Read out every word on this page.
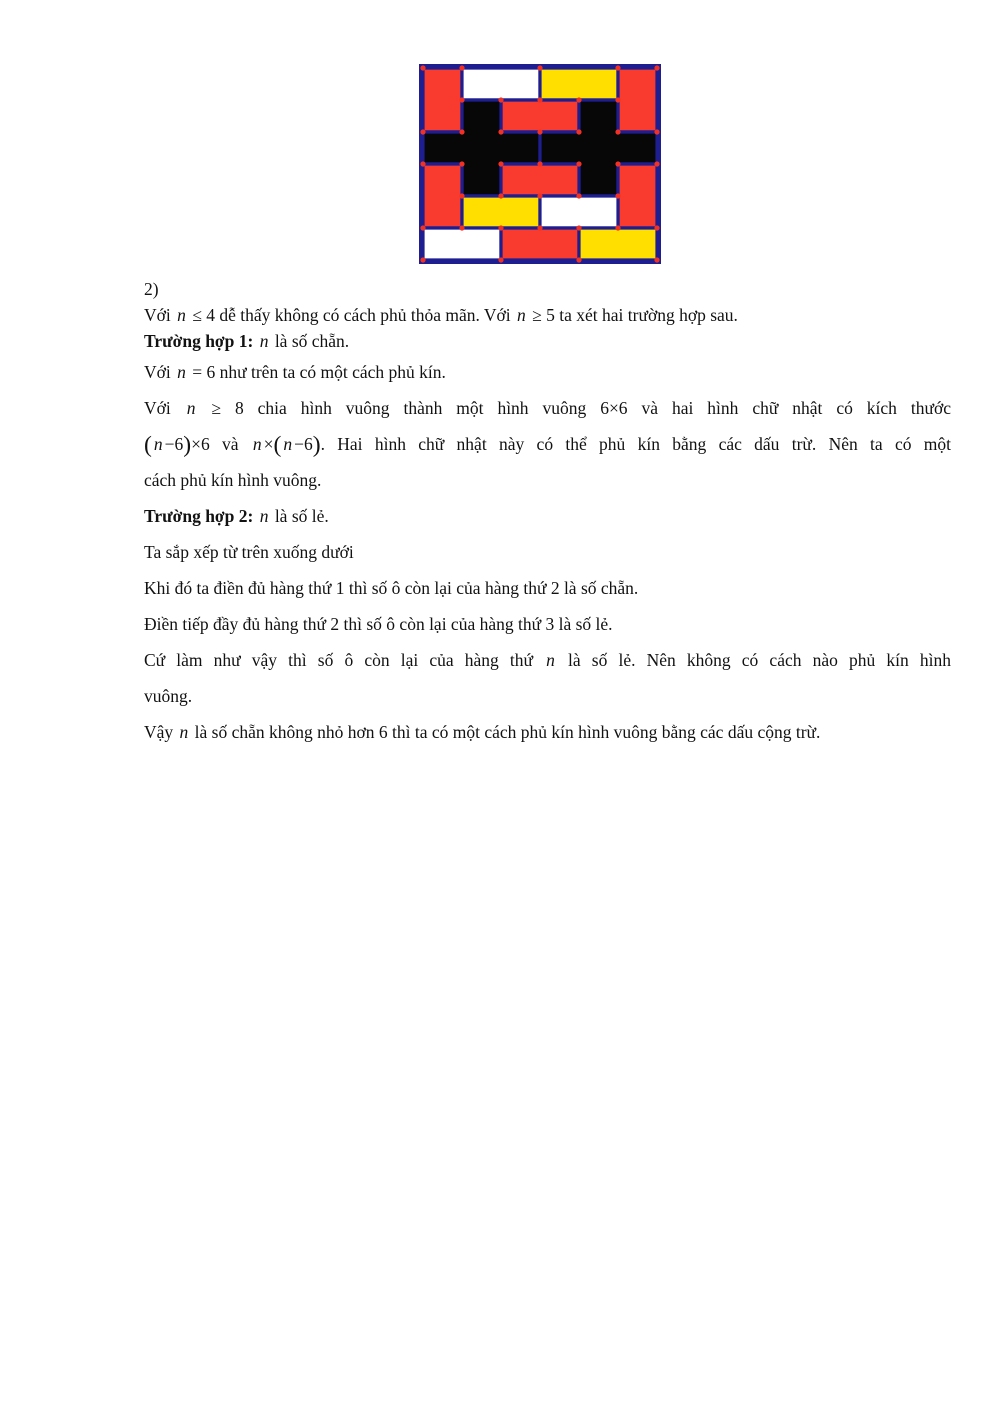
2)

Với n ≤ 4 dễ thấy không có cách phủ thỏa mãn. Với n ≥ 5 ta xét hai trường hợp sau.

Trường hợp 1: n là số chẵn.

Với n = 6 như trên ta có một cách phủ kín.

Với n ≥ 8 chia hình vuông thành một hình vuông 6×6 và hai hình chữ nhật có kích thước

( n −6)×6 và n ×( n −6). Hai hình chữ nhật này có thể phủ kín bằng các dấu trừ. Nên ta có một

cách phủ kín hình vuông.

Trường hợp 2: n là số lẻ.

Ta sắp xếp từ trên xuống dưới

Khi đó ta điền đủ hàng thứ 1 thì số ô còn lại của hàng thứ 2 là số chẵn.

Điền tiếp đầy đủ hàng thứ 2 thì số ô còn lại của hàng thứ 3 là số lẻ.

Cứ làm như vậy thì số ô còn lại của hàng thứ n là số lẻ. Nên không có cách nào phủ kín hình

vuông.

Vậy n là số chẵn không nhỏ hơn 6 thì ta có một cách phủ kín hình vuông bằng các dấu cộng trừ.
